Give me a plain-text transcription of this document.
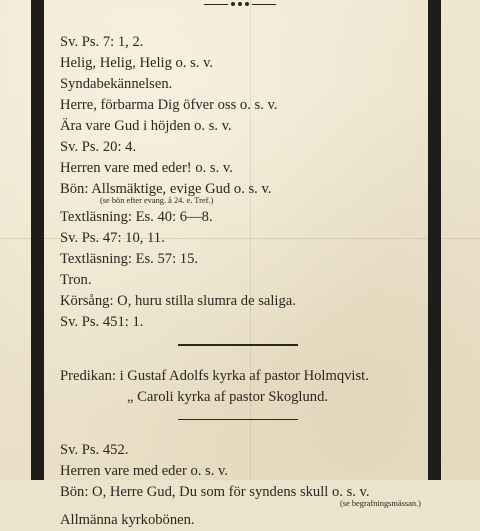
Sv. Ps. 7: 1, 2.
Helig, Helig, Helig o. s. v.
Syndabekännelsen.
Herre, förbarma Dig öfver oss o. s. v.
Ära vare Gud i höjden o. s. v.
Sv. Ps. 20: 4.
Herren vare med eder! o. s. v.
Bön: Allsmäktige, evige Gud o. s. v.
(se bön efter evang. å 24. e. Tref.)
Textläsning: Es. 40: 6—8.
Sv. Ps. 47: 10, 11.
Textläsning: Es. 57: 15.
Tron.
Körsång: O, huru stilla slumra de saliga.
Sv. Ps. 451: 1.
Predikan: i Gustaf Adolfs kyrka af pastor Holmqvist.
„ Caroli kyrka af pastor Skoglund.
Sv. Ps. 452.
Herren vare med eder o. s. v.
Bön: O, Herre Gud, Du som för syndens skull o. s. v.
(se begrafningsmässan.)
Allmänna kyrkobönen.
